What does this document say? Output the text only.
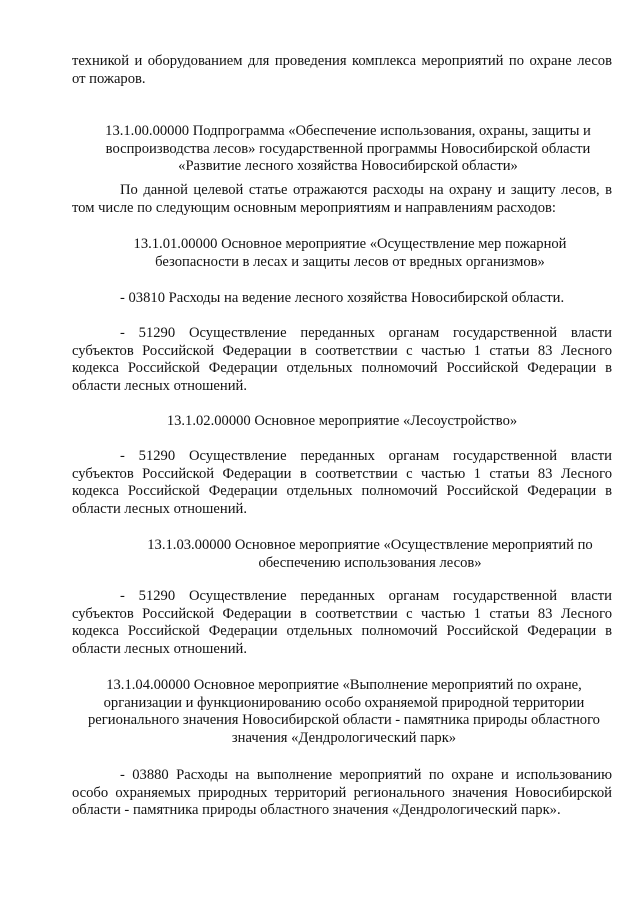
техникой и оборудованием для проведения комплекса мероприятий по охране лесов от пожаров.

13.1.00.00000 Подпрограмма «Обеспечение использования, охраны, защиты и воспроизводства лесов» государственной программы Новосибирской области «Развитие лесного хозяйства Новосибирской области»

По данной целевой статье отражаются расходы на охрану и защиту лесов, в том числе по следующим основным мероприятиям и направлениям расходов:

13.1.01.00000 Основное мероприятие «Осуществление мер пожарной безопасности в лесах и защиты лесов от вредных организмов»

- 03810 Расходы на ведение лесного хозяйства Новосибирской области.

- 51290 Осуществление переданных органам государственной власти субъектов Российской Федерации в соответствии с частью 1 статьи 83 Лесного кодекса Российской Федерации отдельных полномочий Российской Федерации в области лесных отношений.

13.1.02.00000 Основное мероприятие «Лесоустройство»

- 51290 Осуществление переданных органам государственной власти субъектов Российской Федерации в соответствии с частью 1 статьи 83 Лесного кодекса Российской Федерации отдельных полномочий Российской Федерации в области лесных отношений.

13.1.03.00000 Основное мероприятие «Осуществление мероприятий по обеспечению использования лесов»

- 51290 Осуществление переданных органам государственной власти субъектов Российской Федерации в соответствии с частью 1 статьи 83 Лесного кодекса Российской Федерации отдельных полномочий Российской Федерации в области лесных отношений.

13.1.04.00000 Основное мероприятие «Выполнение мероприятий по охране, организации и функционированию особо охраняемой природной территории регионального значения Новосибирской области - памятника природы областного значения «Дендрологический парк»

- 03880 Расходы на выполнение мероприятий по охране и использованию особо охраняемых природных территорий регионального значения Новосибирской области - памятника природы областного значения «Дендрологический парк».
